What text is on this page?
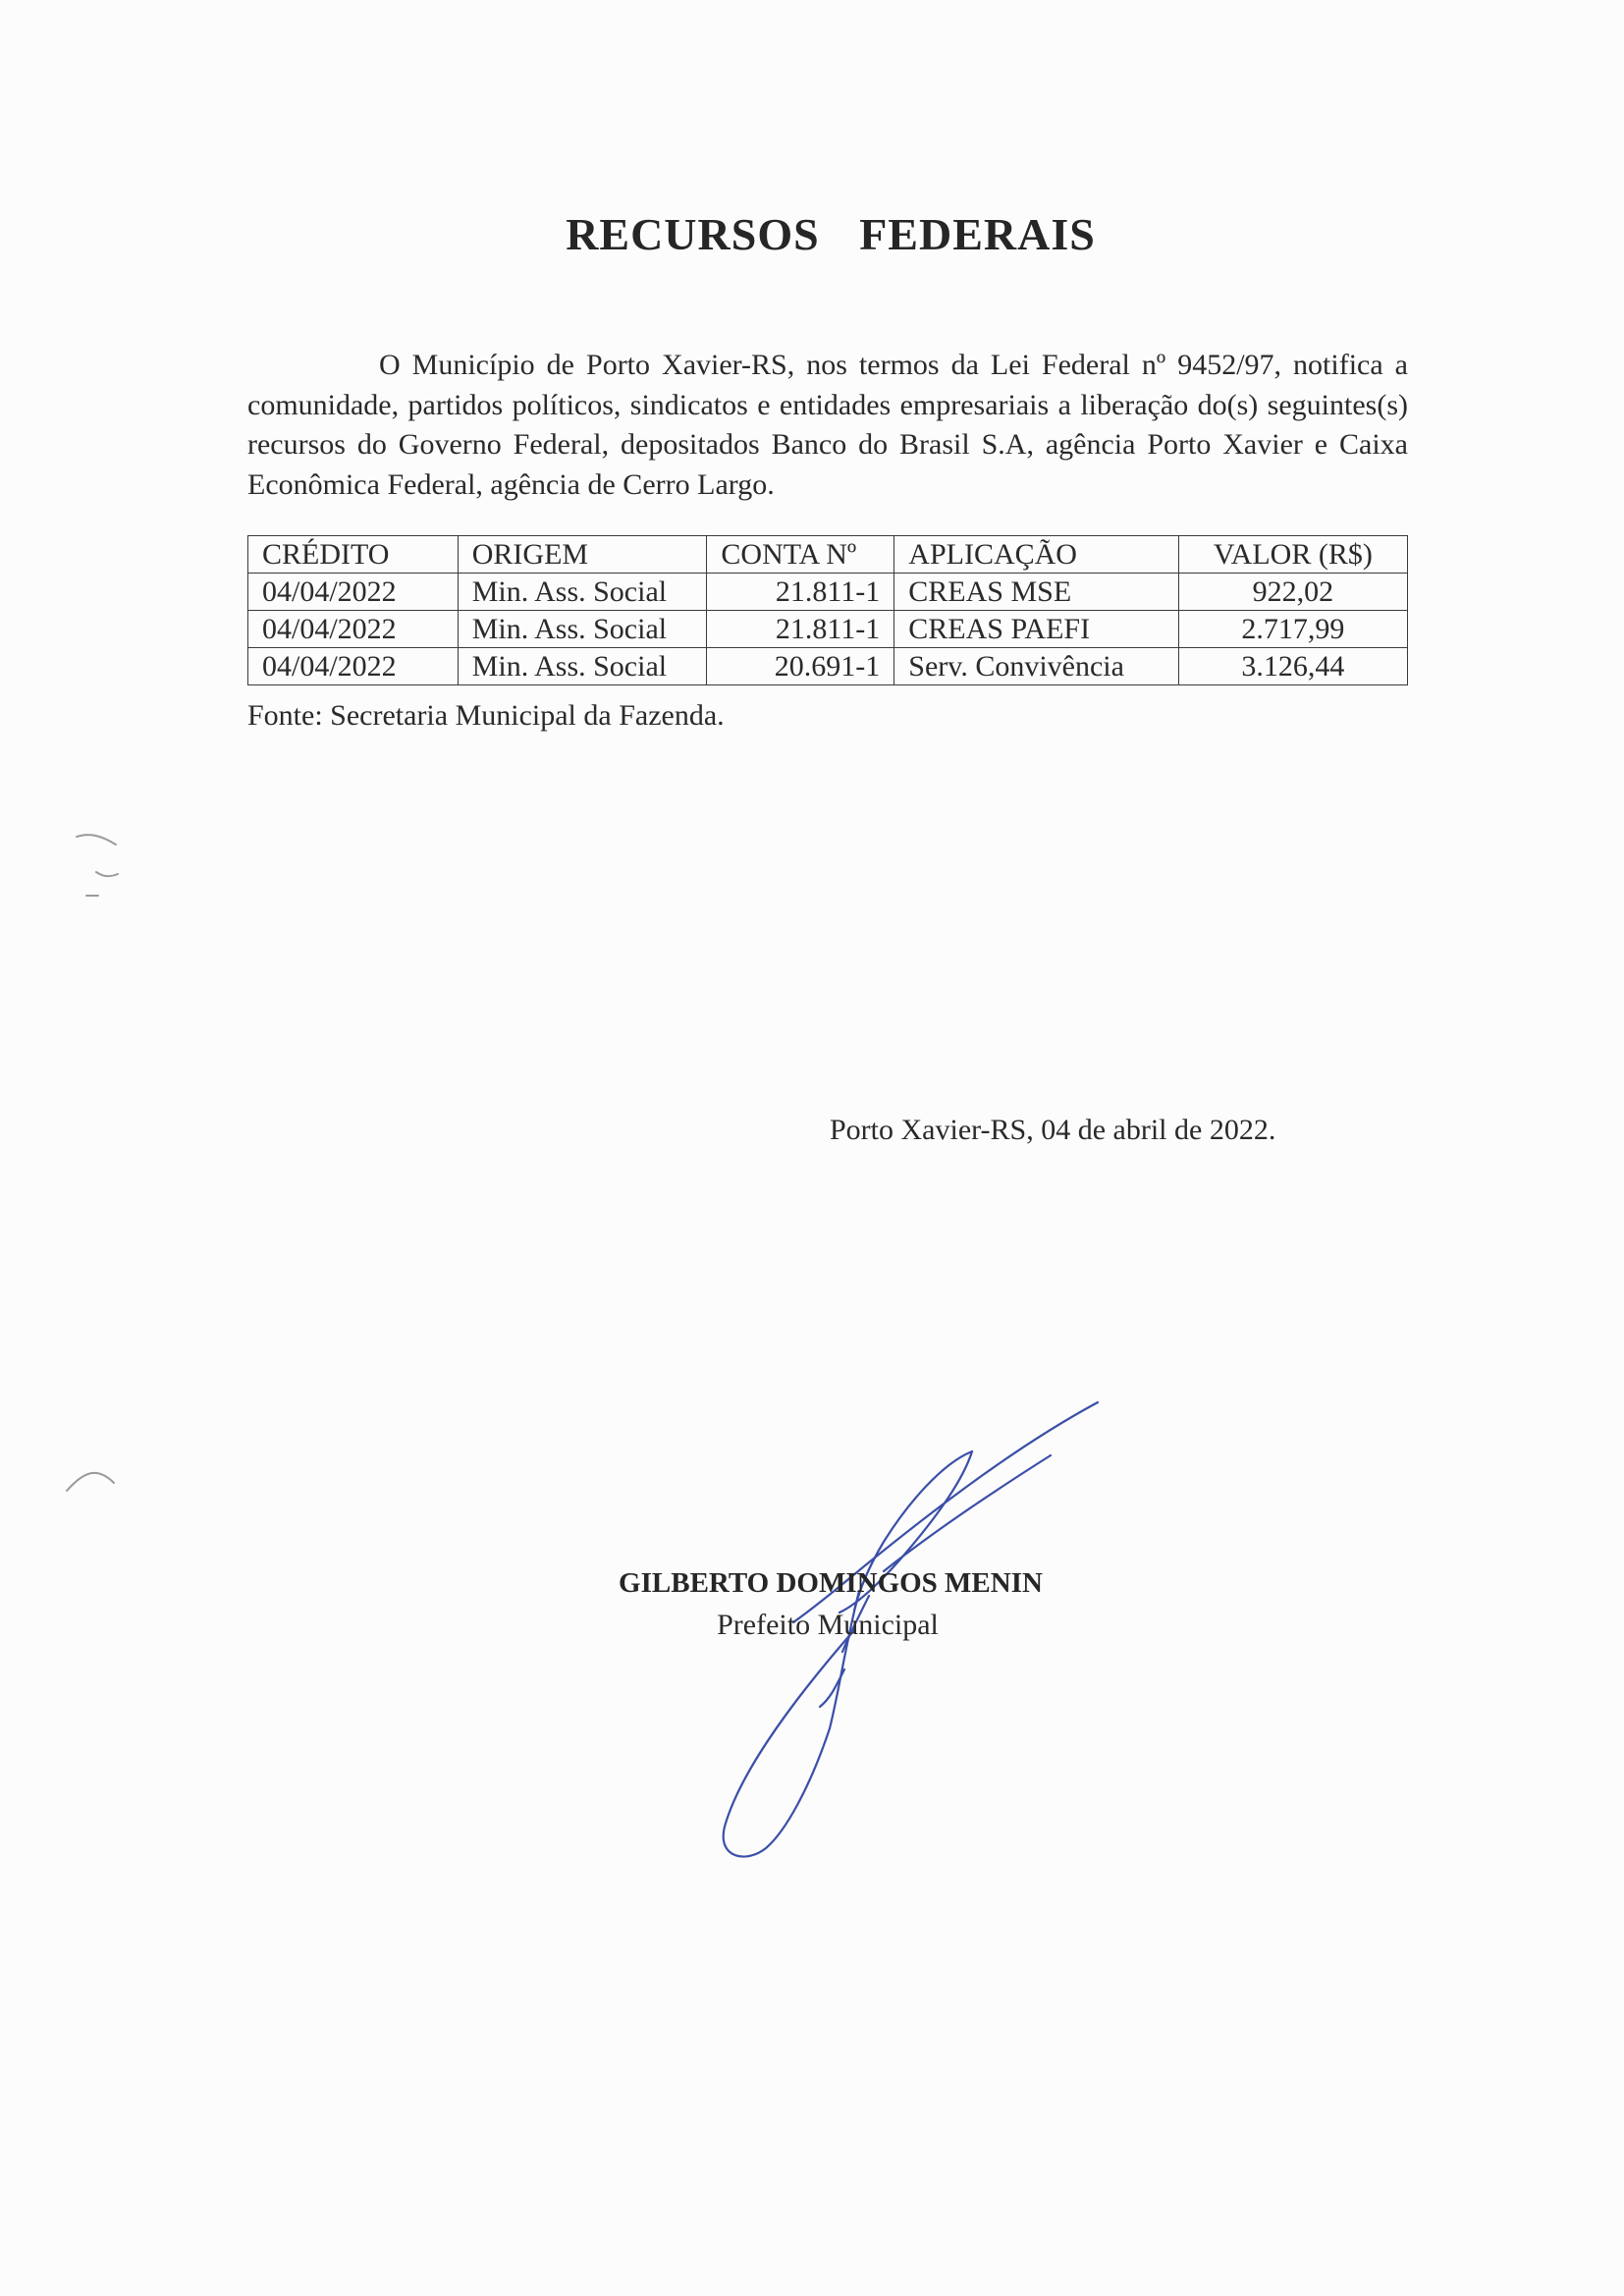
RECURSOS FEDERAIS

O Município de Porto Xavier-RS, nos termos da Lei Federal nº 9452/97, notifica a comunidade, partidos políticos, sindicatos e entidades empresariais a liberação do(s) seguintes(s) recursos do Governo Federal, depositados Banco do Brasil S.A, agência Porto Xavier e Caixa Econômica Federal, agência de Cerro Largo.

CRÉDITO	ORIGEM	CONTA Nº	APLICAÇÃO	VALOR (R$)
04/04/2022	Min. Ass. Social	21.811-1	CREAS MSE	922,02
04/04/2022	Min. Ass. Social	21.811-1	CREAS PAEFI	2.717,99
04/04/2022	Min. Ass. Social	20.691-1	Serv. Convivência	3.126,44
Fonte: Secretaria Municipal da Fazenda.
Porto Xavier-RS, 04 de abril de 2022.
GILBERTO DOMINGOS MENIN
Prefeito Municipal
